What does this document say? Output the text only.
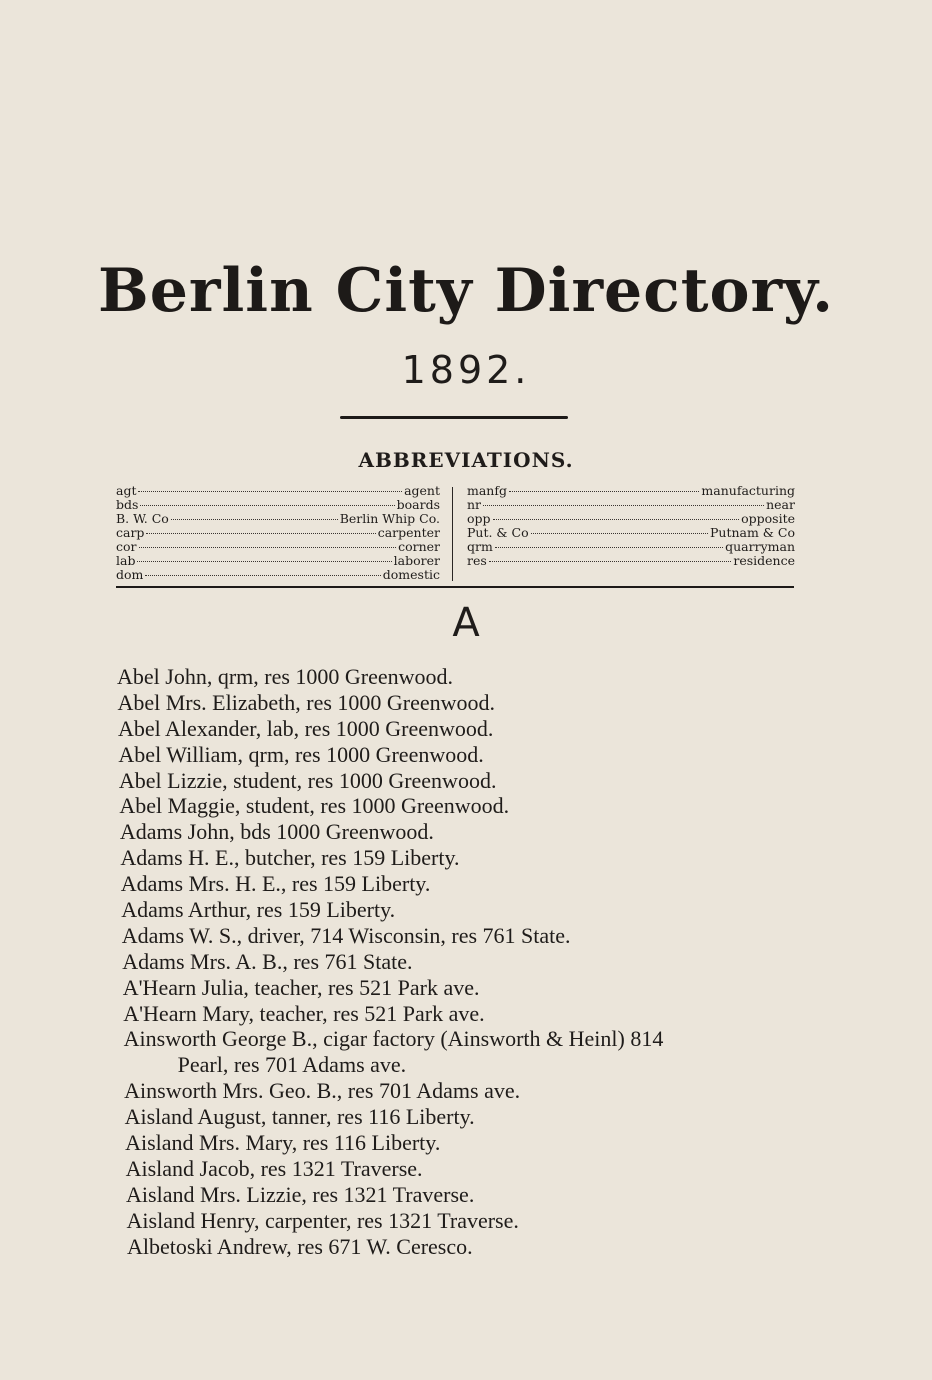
Berlin City Directory.
1892.
ABBREVIATIONS.
agt	agent
bds	boards
B. W. Co	Berlin Whip Co.
carp	carpenter
cor	corner
lab	laborer
dom	domestic
manfg	manufacturing
nr	near
opp	opposite
Put. & Co	Putnam & Co
qrm	quarryman
res	residence
A
Abel John, qrm, res 1000 Greenwood.
Abel Mrs. Elizabeth, res 1000 Greenwood.
Abel Alexander, lab, res 1000 Greenwood.
Abel William, qrm, res 1000 Greenwood.
Abel Lizzie, student, res 1000 Greenwood.
Abel Maggie, student, res 1000 Greenwood.
Adams John, bds 1000 Greenwood.
Adams H. E., butcher, res 159 Liberty.
Adams Mrs. H. E., res 159 Liberty.
Adams Arthur, res 159 Liberty.
Adams W. S., driver, 714 Wisconsin, res 761 State.
Adams Mrs. A. B., res 761 State.
A'Hearn Julia, teacher, res 521 Park ave.
A'Hearn Mary, teacher, res 521 Park ave.
Ainsworth George B., cigar factory (Ainsworth & Heinl) 814
Pearl, res 701 Adams ave.
Ainsworth Mrs. Geo. B., res 701 Adams ave.
Aisland August, tanner, res 116 Liberty.
Aisland Mrs. Mary, res 116 Liberty.
Aisland Jacob, res 1321 Traverse.
Aisland Mrs. Lizzie, res 1321 Traverse.
Aisland Henry, carpenter, res 1321 Traverse.
Albetoski Andrew, res 671 W. Ceresco.
